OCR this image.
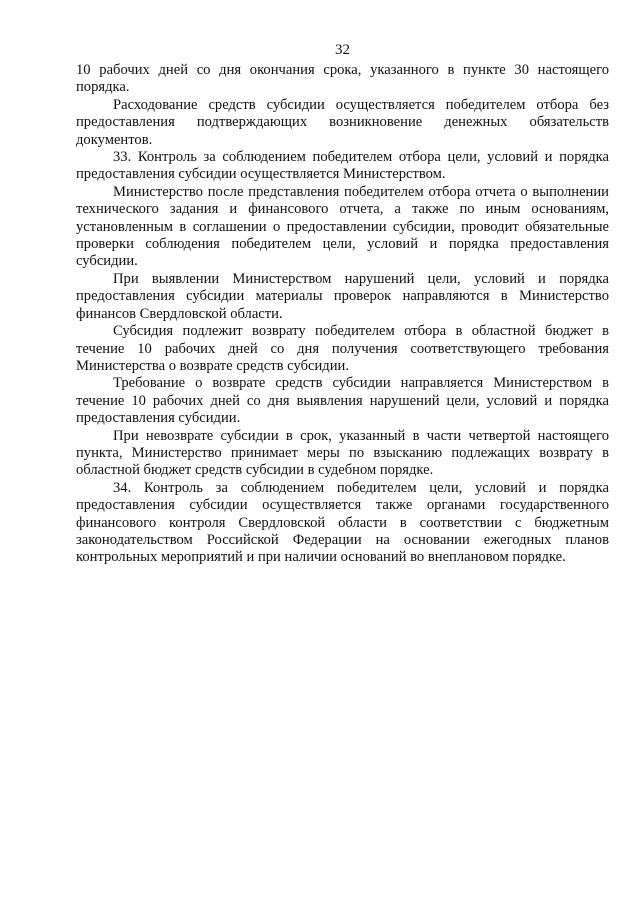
32

10 рабочих дней со дня окончания срока, указанного в пункте 30 настоящего порядка.

Расходование средств субсидии осуществляется победителем отбора без предоставления подтверждающих возникновение денежных обязательств документов.

33. Контроль за соблюдением победителем отбора цели, условий и порядка предоставления субсидии осуществляется Министерством.

Министерство после представления победителем отбора отчета о выполнении технического задания и финансового отчета, а также по иным основаниям, установленным в соглашении о предоставлении субсидии, проводит обязательные проверки соблюдения победителем цели, условий и порядка предоставления субсидии.

При выявлении Министерством нарушений цели, условий и порядка предоставления субсидии материалы проверок направляются в Министерство финансов Свердловской области.

Субсидия подлежит возврату победителем отбора в областной бюджет в течение 10 рабочих дней со дня получения соответствующего требования Министерства о возврате средств субсидии.

Требование о возврате средств субсидии направляется Министерством в течение 10 рабочих дней со дня выявления нарушений цели, условий и порядка предоставления субсидии.

При невозврате субсидии в срок, указанный в части четвертой настоящего пункта, Министерство принимает меры по взысканию подлежащих возврату в областной бюджет средств субсидии в судебном порядке.

34. Контроль за соблюдением победителем цели, условий и порядка предоставления субсидии осуществляется также органами государственного финансового контроля Свердловской области в соответствии с бюджетным законодательством Российской Федерации на основании ежегодных планов контрольных мероприятий и при наличии оснований во внеплановом порядке.
